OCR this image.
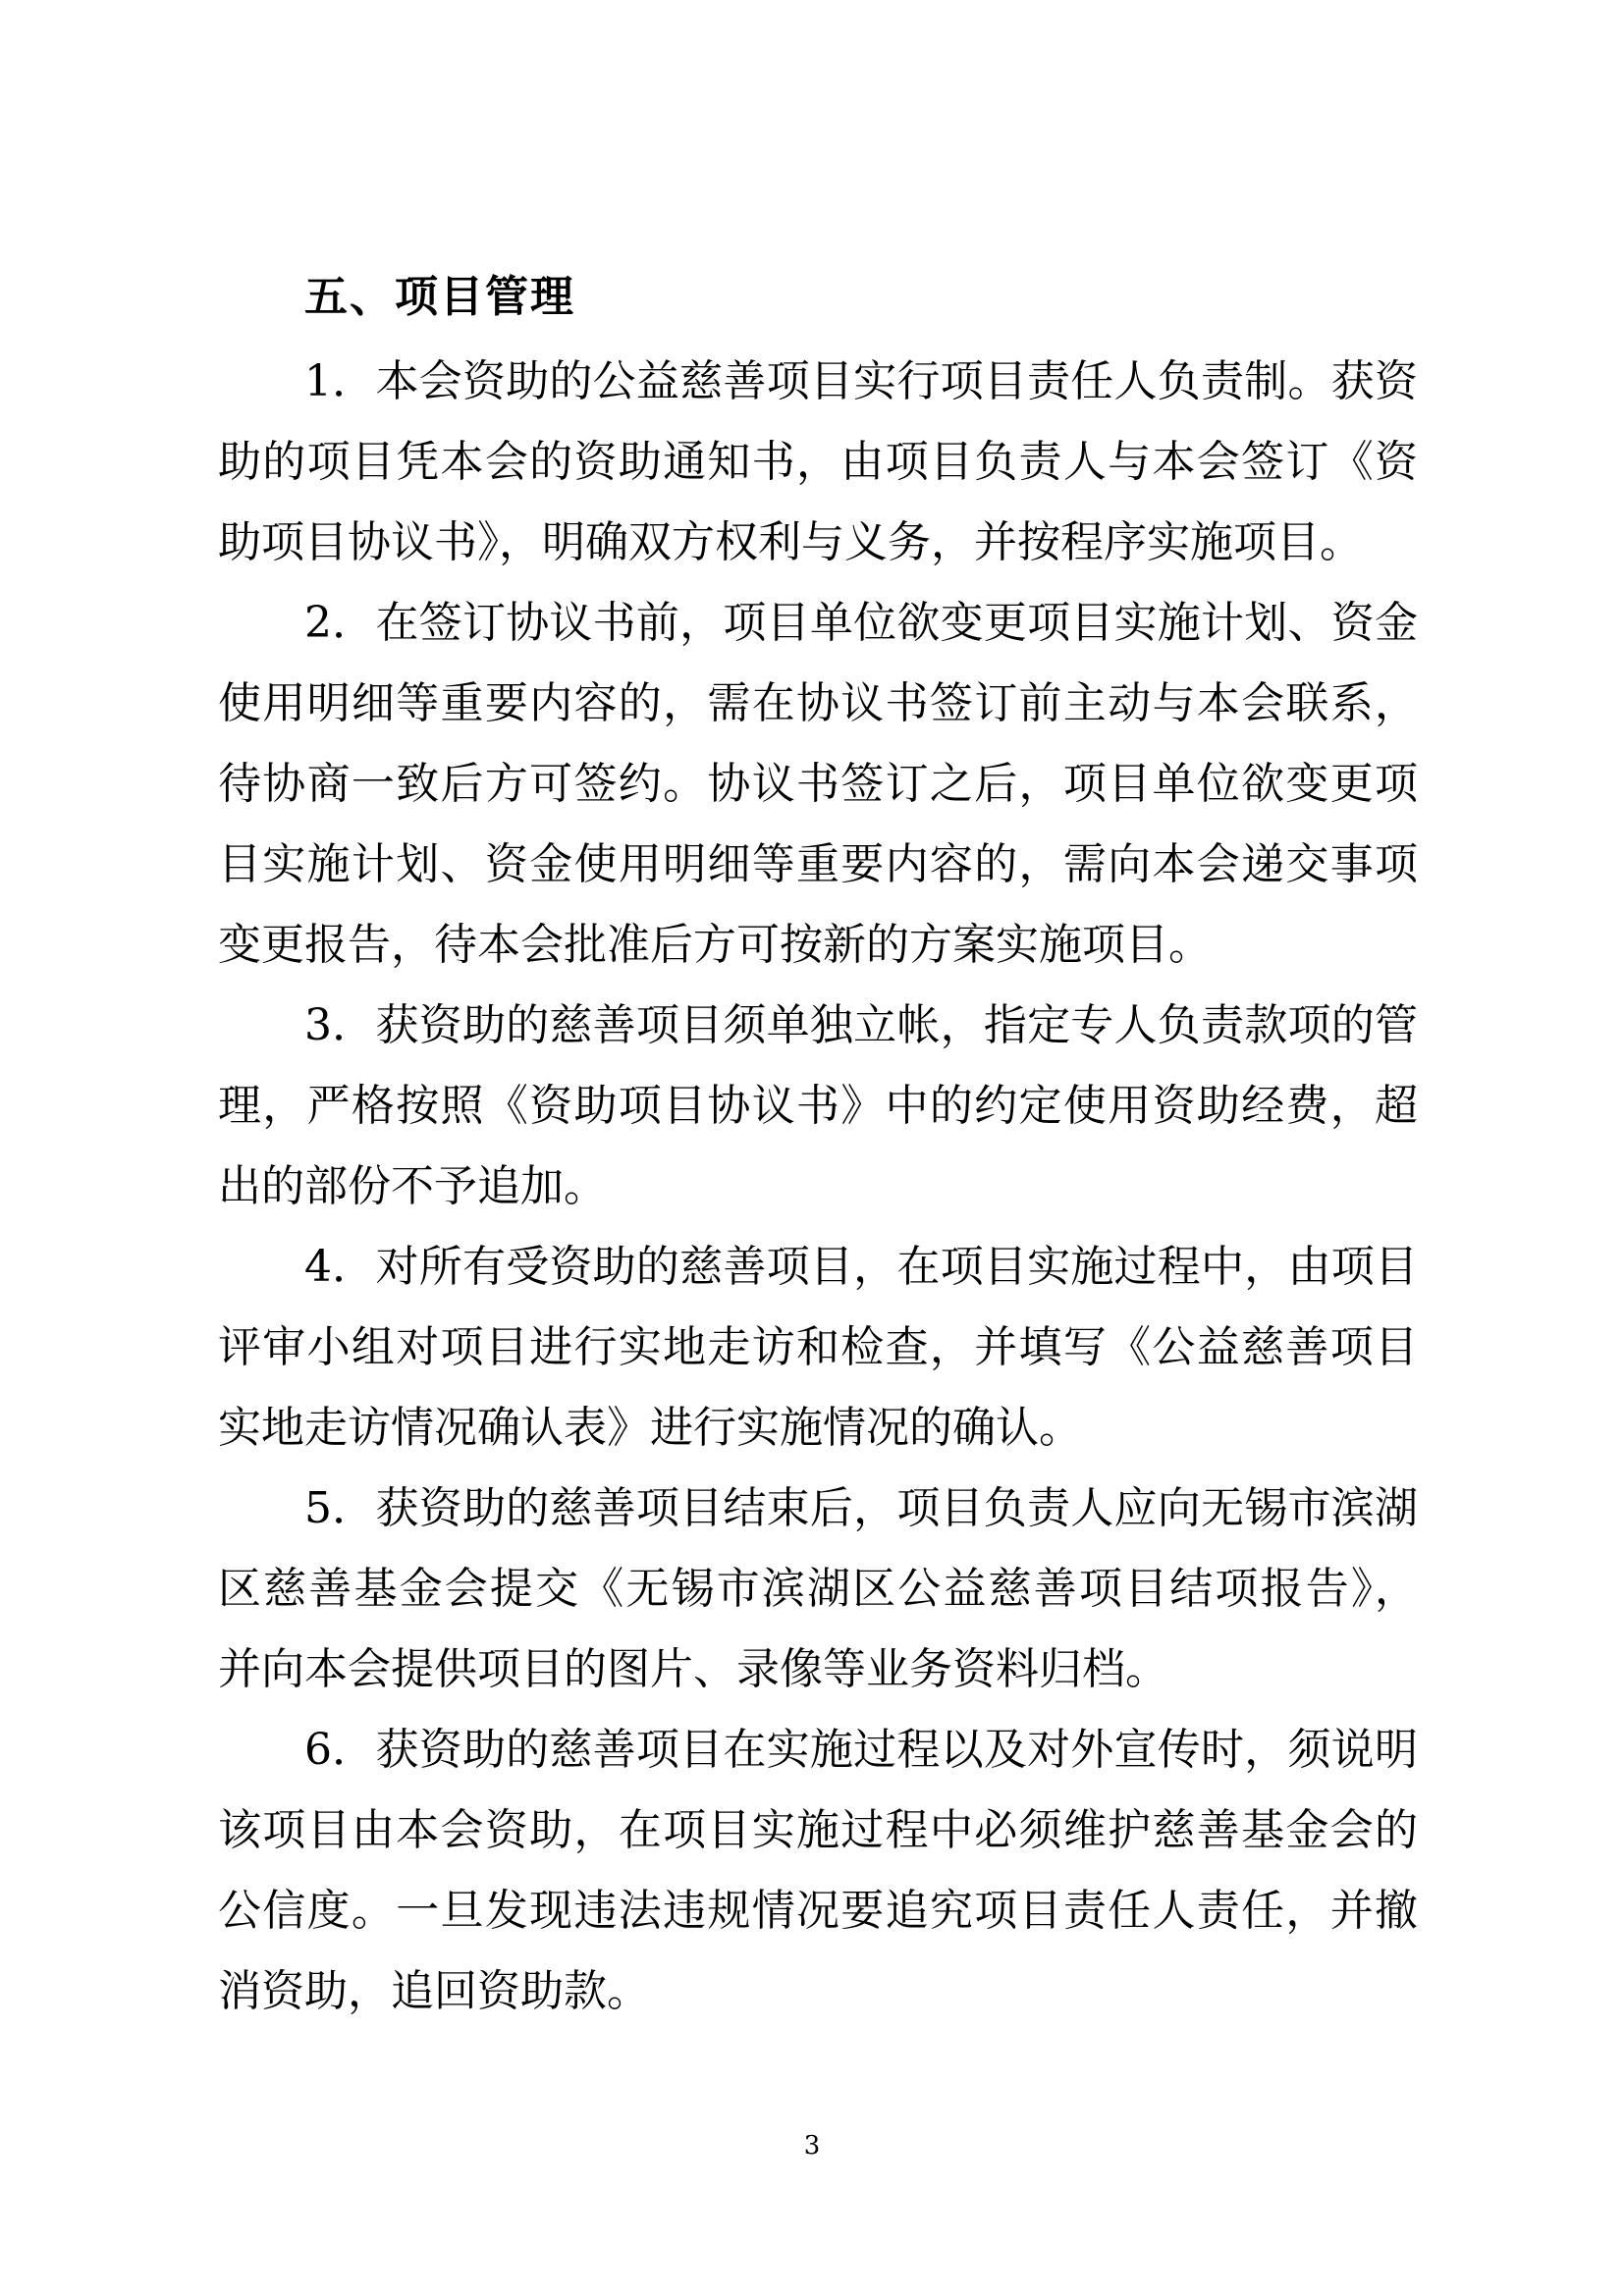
五、项目管理
1．本会资助的公益慈善项目实行项目责任人负责制。获资
助的项目凭本会的资助通知书，由项目负责人与本会签订《资
助项目协议书》，明确双方权利与义务，并按程序实施项目。
2．在签订协议书前，项目单位欲变更项目实施计划、资金
使用明细等重要内容的，需在协议书签订前主动与本会联系，
待协商一致后方可签约。协议书签订之后，项目单位欲变更项
目实施计划、资金使用明细等重要内容的，需向本会递交事项
变更报告，待本会批准后方可按新的方案实施项目。
3．获资助的慈善项目须单独立帐，指定专人负责款项的管
理，严格按照《资助项目协议书》中的约定使用资助经费，超
出的部份不予追加。
4．对所有受资助的慈善项目，在项目实施过程中，由项目
评审小组对项目进行实地走访和检查，并填写《公益慈善项目
实地走访情况确认表》进行实施情况的确认。
5．获资助的慈善项目结束后，项目负责人应向无锡市滨湖
区慈善基金会提交《无锡市滨湖区公益慈善项目结项报告》，
并向本会提供项目的图片、录像等业务资料归档。
6．获资助的慈善项目在实施过程以及对外宣传时，须说明
该项目由本会资助，在项目实施过程中必须维护慈善基金会的
公信度。一旦发现违法违规情况要追究项目责任人责任，并撤
消资助，追回资助款。
3
